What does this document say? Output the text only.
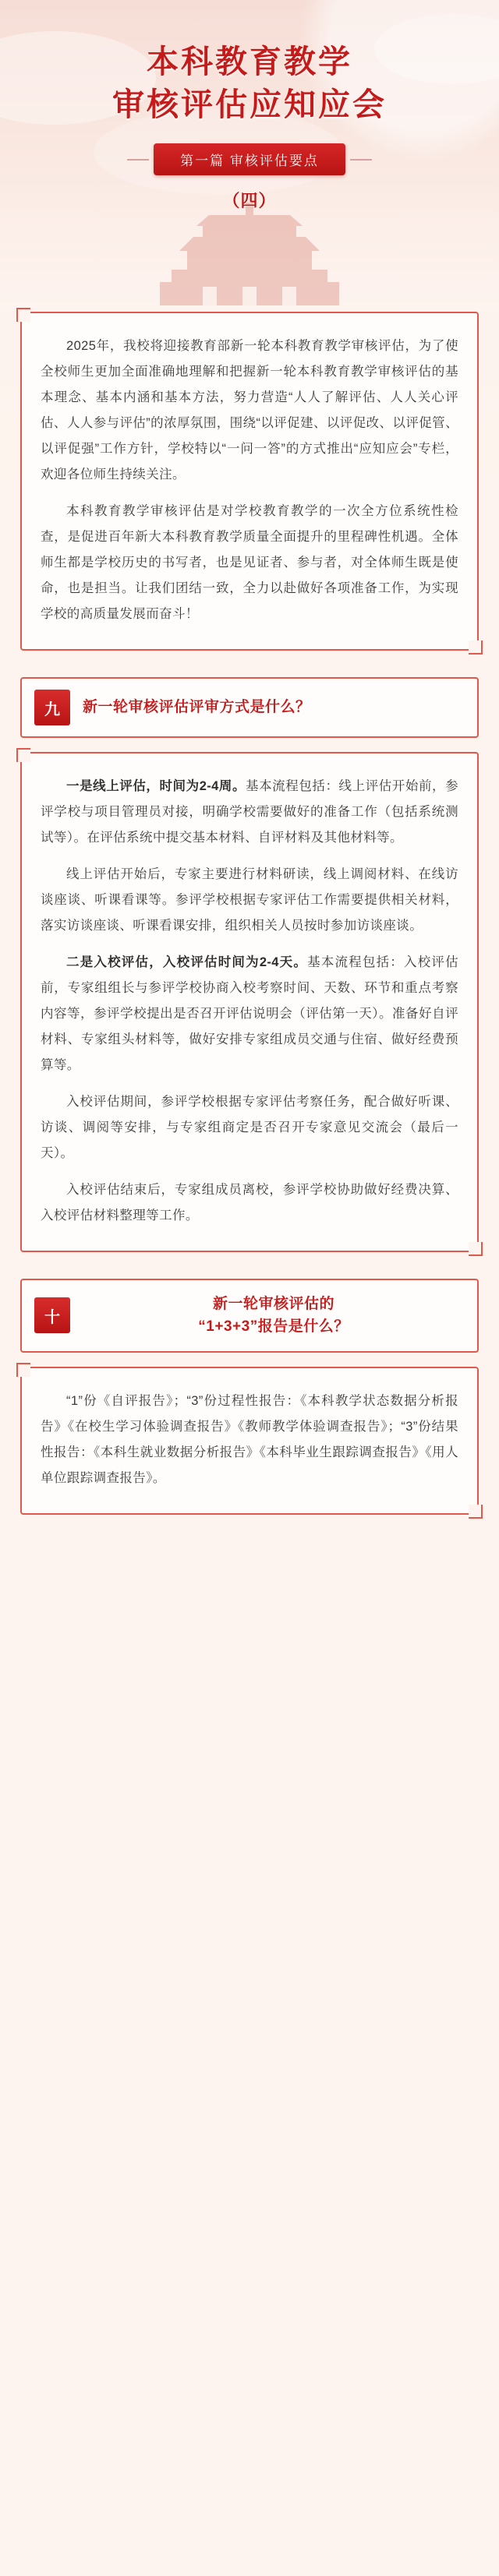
本科教育教学
审核评估应知应会
第一篇 审核评估要点
（四）

2025年，我校将迎接教育部新一轮本科教育教学审核评估，为了使全校师生更加全面准确地理解和把握新一轮本科教育教学审核评估的基本理念、基本内涵和基本方法，努力营造“人人了解评估、人人关心评估、人人参与评估”的浓厚氛围，围绕“以评促建、以评促改、以评促管、以评促强”工作方针，学校特以“一问一答”的方式推出“应知应会”专栏，欢迎各位师生持续关注。

本科教育教学审核评估是对学校教育教学的一次全方位系统性检查，是促进百年新大本科教育教学质量全面提升的里程碑性机遇。全体师生都是学校历史的书写者，也是见证者、参与者，对全体师生既是使命，也是担当。让我们团结一致，全力以赴做好各项准备工作，为实现学校的高质量发展而奋斗！

九	新一轮审核评估评审方式是什么？

一是线上评估，时间为2-4周。基本流程包括：线上评估开始前，参评学校与项目管理员对接，明确学校需要做好的准备工作（包括系统测试等）。在评估系统中提交基本材料、自评材料及其他材料等。

线上评估开始后，专家主要进行材料研读，线上调阅材料、在线访谈座谈、听课看课等。参评学校根据专家评估工作需要提供相关材料，落实访谈座谈、听课看课安排，组织相关人员按时参加访谈座谈。

二是入校评估，入校评估时间为2-4天。基本流程包括：入校评估前，专家组组长与参评学校协商入校考察时间、天数、环节和重点考察内容等，参评学校提出是否召开评估说明会（评估第一天）。准备好自评材料、专家组头材料等，做好安排专家组成员交通与住宿、做好经费预算等。

入校评估期间，参评学校根据专家评估考察任务，配合做好听课、访谈、调阅等安排，与专家组商定是否召开专家意见交流会（最后一天）。

入校评估结束后，专家组成员离校，参评学校协助做好经费决算、入校评估材料整理等工作。

十
新一轮审核评估的
“1+3+3”报告是什么？

“1”份《自评报告》；“3”份过程性报告：《本科教学状态数据分析报告》《在校生学习体验调查报告》《教师教学体验调查报告》；“3”份结果性报告：《本科生就业数据分析报告》《本科毕业生跟踪调查报告》《用人单位跟踪调查报告》。
